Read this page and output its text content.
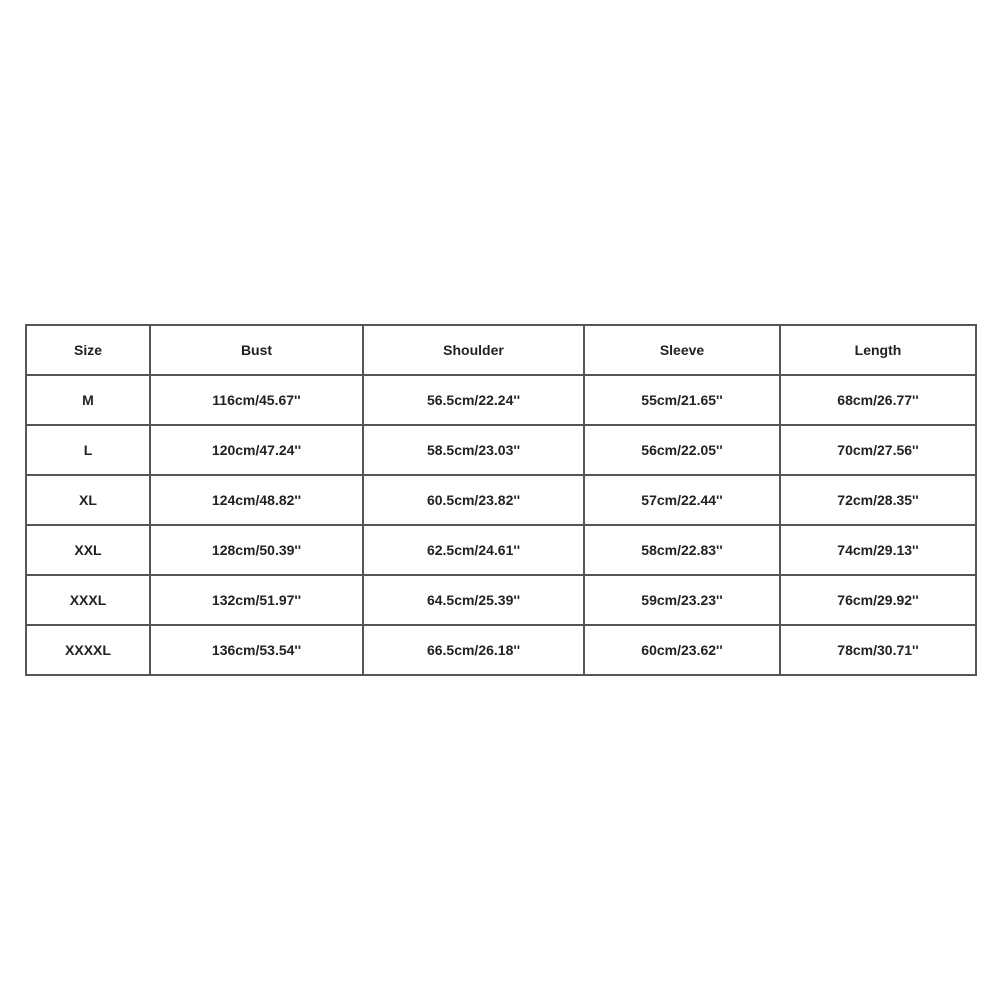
Size	Bust	Shoulder	Sleeve	Length
M	116cm/45.67''	56.5cm/22.24''	55cm/21.65''	68cm/26.77''
L	120cm/47.24''	58.5cm/23.03''	56cm/22.05''	70cm/27.56''
XL	124cm/48.82''	60.5cm/23.82''	57cm/22.44''	72cm/28.35''
XXL	128cm/50.39''	62.5cm/24.61''	58cm/22.83''	74cm/29.13''
XXXL	132cm/51.97''	64.5cm/25.39''	59cm/23.23''	76cm/29.92''
XXXXL	136cm/53.54''	66.5cm/26.18''	60cm/23.62''	78cm/30.71''
